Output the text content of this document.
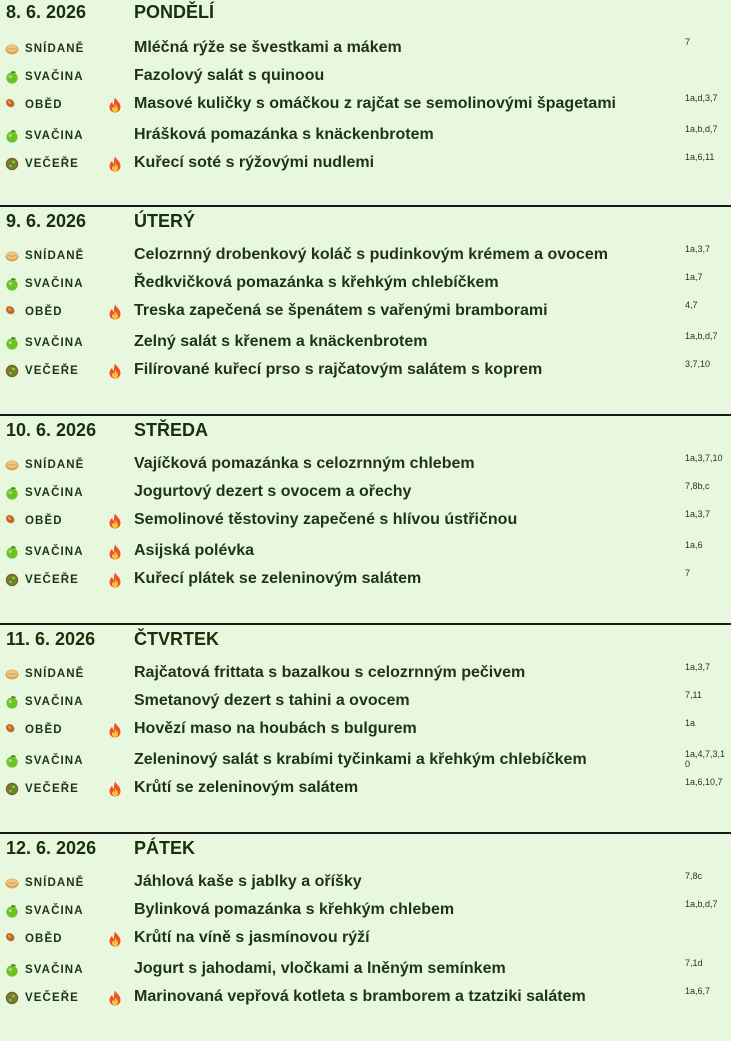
8. 6. 2026	PONDĚLÍ
SNÍDANĚ	Mléčná rýže se švestkami a mákem	7
SVAČINA	Fazolový salát s quinoou
OBĚD	Masové kuličky s omáčkou z rajčat se semolinovými špagetami	1a,d,3,7
SVAČINA	Hrášková pomazánka s knäckenbrotem	1a,b,d,7
VEČEŘE	Kuřecí soté s rýžovými nudlemi	1a,6,11
9. 6. 2026	ÚTERÝ
SNÍDANĚ	Celozrnný drobenkový koláč s pudinkovým krémem a ovocem	1a,3,7
SVAČINA	Ředkvičková pomazánka s křehkým chlebíčkem	1a,7
OBĚD	Treska zapečená se špenátem s vařenými bramborami	4,7
SVAČINA	Zelný salát s křenem a knäckenbrotem	1a,b,d,7
VEČEŘE	Filírované kuřecí prso s rajčatovým salátem s koprem	3,7,10
10. 6. 2026 STŘEDA
SNÍDANĚ	Vajíčková pomazánka s celozrnným chlebem	1a,3,7,10
SVAČINA	Jogurtový dezert s ovocem a ořechy	7,8b,c
OBĚD	Semolinové těstoviny zapečené s hlívou ústřičnou	1a,3,7
SVAČINA	Asijská polévka	1a,6
VEČEŘE	Kuřecí plátek se zeleninovým salátem	7
11. 6. 2026 ČTVRTEK
SNÍDANĚ	Rajčatová frittata s bazalkou s celozrnným pečivem	1a,3,7
SVAČINA	Smetanový dezert s tahini a ovocem	7,11
OBĚD	Hovězí maso na houbách s bulgurem	1a
SVAČINA	Zeleninový salát s krabími tyčinkami a křehkým chlebíčkem	1a,4,7,3,10
VEČEŘE	Krůtí se zeleninovým salátem	1a,6,10,7
12. 6. 2026 PÁTEK
SNÍDANĚ	Jáhlová kaše s jablky a oříšky	7,8c
SVAČINA	Bylinková pomazánka s křehkým chlebem	1a,b,d,7
OBĚD	Krůtí na víně s jasmínovou rýží
SVAČINA	Jogurt s jahodami, vločkami a lněným semínkem	7,1d
VEČEŘE	Marinovaná vepřová kotleta s bramborem a tzatziki salátem	1a,6,7
